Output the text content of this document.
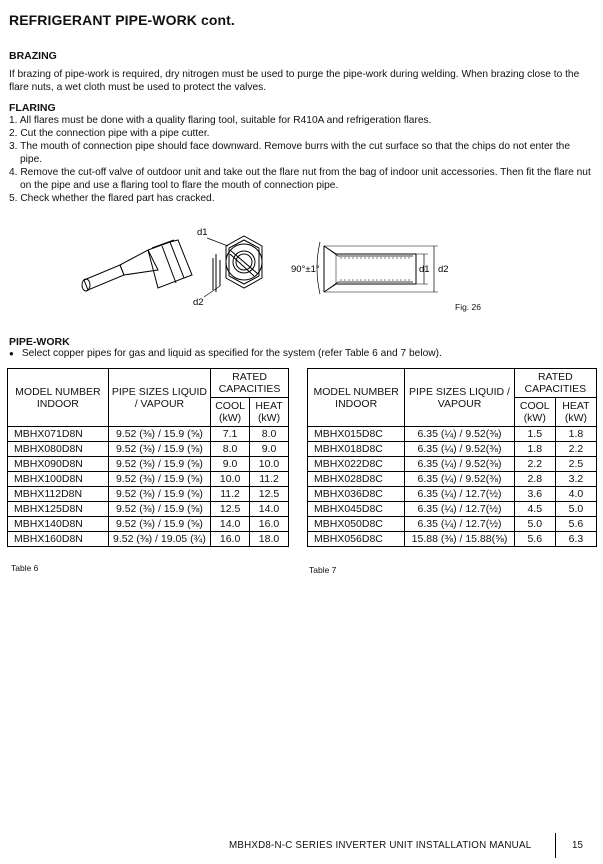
REFRIGERANT PIPE-WORK cont.
BRAZING
If brazing of pipe-work is required, dry nitrogen must be used to purge the pipe-work during welding. When brazing close to the flare nuts, a wet cloth must be used to protect the valves.
FLARING
1. All flares must be done with a quality flaring tool, suitable for R410A and refrigeration flares.
2. Cut the connection pipe with a pipe cutter.
3. The mouth of connection pipe should face downward. Remove burrs with the cut surface so that the chips do not enter the pipe.
4. Remove the cut-off valve of outdoor unit and take out the flare nut from the bag of indoor unit accessories. Then fit the flare nut on the pipe and use a flaring tool to flare the mouth of connection pipe.
5. Check whether the flared part has cracked.
d1
d2
90°±1°	d1 d2
Fig. 26
PIPE-WORK
● Select copper pipes for gas and liquid as specified for the system (refer Table 6 and 7 below).
MODEL NUMBER INDOOR	PIPE SIZES LIQUID / VAPOUR	RATED CAPACITIES	
		COOL (kW)	HEAT (kW)
MBHX071D8N	9.52 (⅜) / 15.9 (⅝)	7.1	8.0
MBHX080D8N	9.52 (⅜) / 15.9 (⅝)	8.0	9.0
MBHX090D8N	9.52 (⅜) / 15.9 (⅝)	9.0	10.0
MBHX100D8N	9.52 (⅜) / 15.9 (⅝)	10.0	11.2
MBHX112D8N	9.52 (⅜) / 15.9 (⅝)	11.2	12.5
MBHX125D8N	9.52 (⅜) / 15.9 (⅝)	12.5	14.0
MBHX140D8N	9.52 (⅜) / 15.9 (⅝)	14.0	16.0
MBHX160D8N	9.52 (⅜) / 19.05 (¾)	16.0	18.0
Table 6
MODEL NUMBER INDOOR	PIPE SIZES LIQUID / VAPOUR	RATED CAPACITIES	
		COOL (kW)	HEAT (kW)
MBHX015D8C	6.35 (¼) / 9.52(⅜)	1.5	1.8
MBHX018D8C	6.35 (¼) / 9.52(⅜)	1.8	2.2
MBHX022D8C	6.35 (¼) / 9.52(⅜)	2.2	2.5
MBHX028D8C	6.35 (¼) / 9.52(⅜)	2.8	3.2
MBHX036D8C	6.35 (¼) / 12.7(½)	3.6	4.0
MBHX045D8C	6.35 (¼) / 12.7(½)	4.5	5.0
MBHX050D8C	6.35 (¼) / 12.7(½)	5.0	5.6
MBHX056D8C	15.88 (⅜) / 15.88(⅝)	5.6	6.3
Table 7
MBHXD8-N-C SERIES INVERTER UNIT INSTALLATION MANUAL	15
